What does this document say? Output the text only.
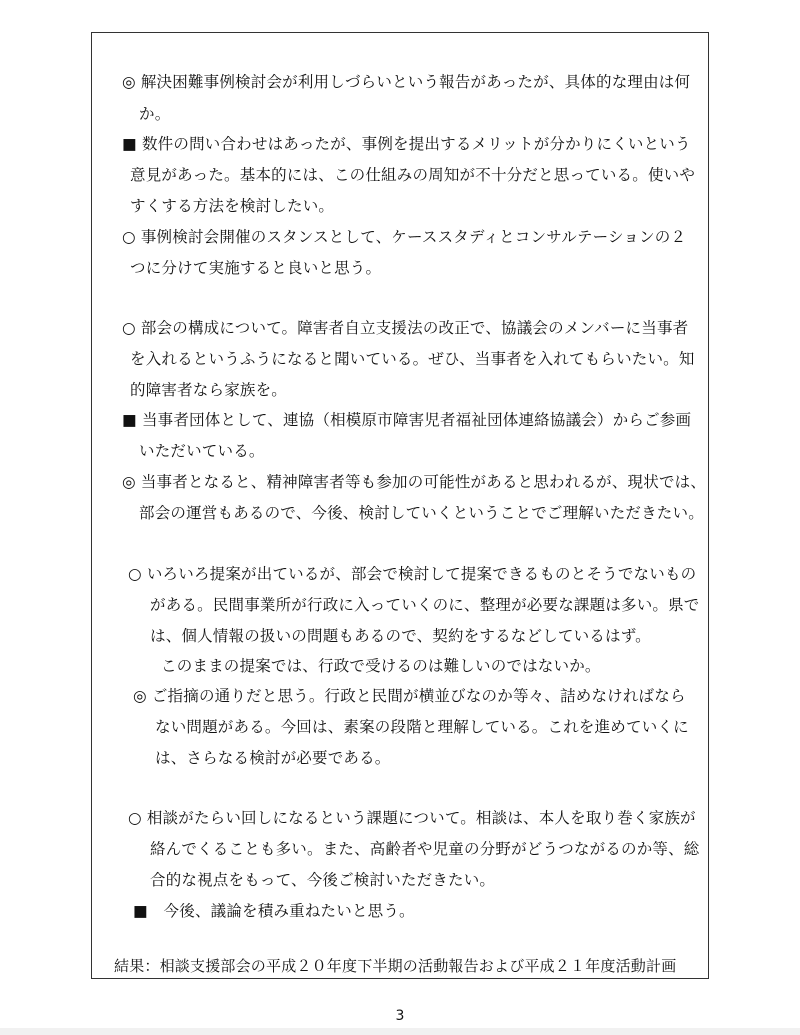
◎ 解決困難事例検討会が利用しづらいという報告があったが、具体的な理由は何
か。
■ 数件の問い合わせはあったが、事例を提出するメリットが分かりにくいという
意見があった。基本的には、この仕組みの周知が不十分だと思っている。使いや
すくする方法を検討したい。
○ 事例検討会開催のスタンスとして、ケーススタディとコンサルテーションの２
つに分けて実施すると良いと思う。
○ 部会の構成について。障害者自立支援法の改正で、協議会のメンバーに当事者
を入れるというふうになると聞いている。ぜひ、当事者を入れてもらいたい。知
的障害者なら家族を。
■ 当事者団体として、連協（相模原市障害児者福祉団体連絡協議会）からご参画
いただいている。
◎ 当事者となると、精神障害者等も参加の可能性があると思われるが、現状では、
部会の運営もあるので、今後、検討していくということでご理解いただきたい。
○ いろいろ提案が出ているが、部会で検討して提案できるものとそうでないもの
がある。民間事業所が行政に入っていくのに、整理が必要な課題は多い。県で
は、個人情報の扱いの問題もあるので、契約をするなどしているはず。
このままの提案では、行政で受けるのは難しいのではないか。
◎ ご指摘の通りだと思う。行政と民間が横並びなのか等々、詰めなければなら
ない問題がある。今回は、素案の段階と理解している。これを進めていくに
は、さらなる検討が必要である。
○ 相談がたらい回しになるという課題について。相談は、本人を取り巻く家族が
絡んでくることも多い。また、高齢者や児童の分野がどうつながるのか等、総
合的な視点をもって、今後ご検討いただきたい。
■　今後、議論を積み重ねたいと思う。
結果：相談支援部会の平成２０年度下半期の活動報告および平成２１年度活動計画
3
